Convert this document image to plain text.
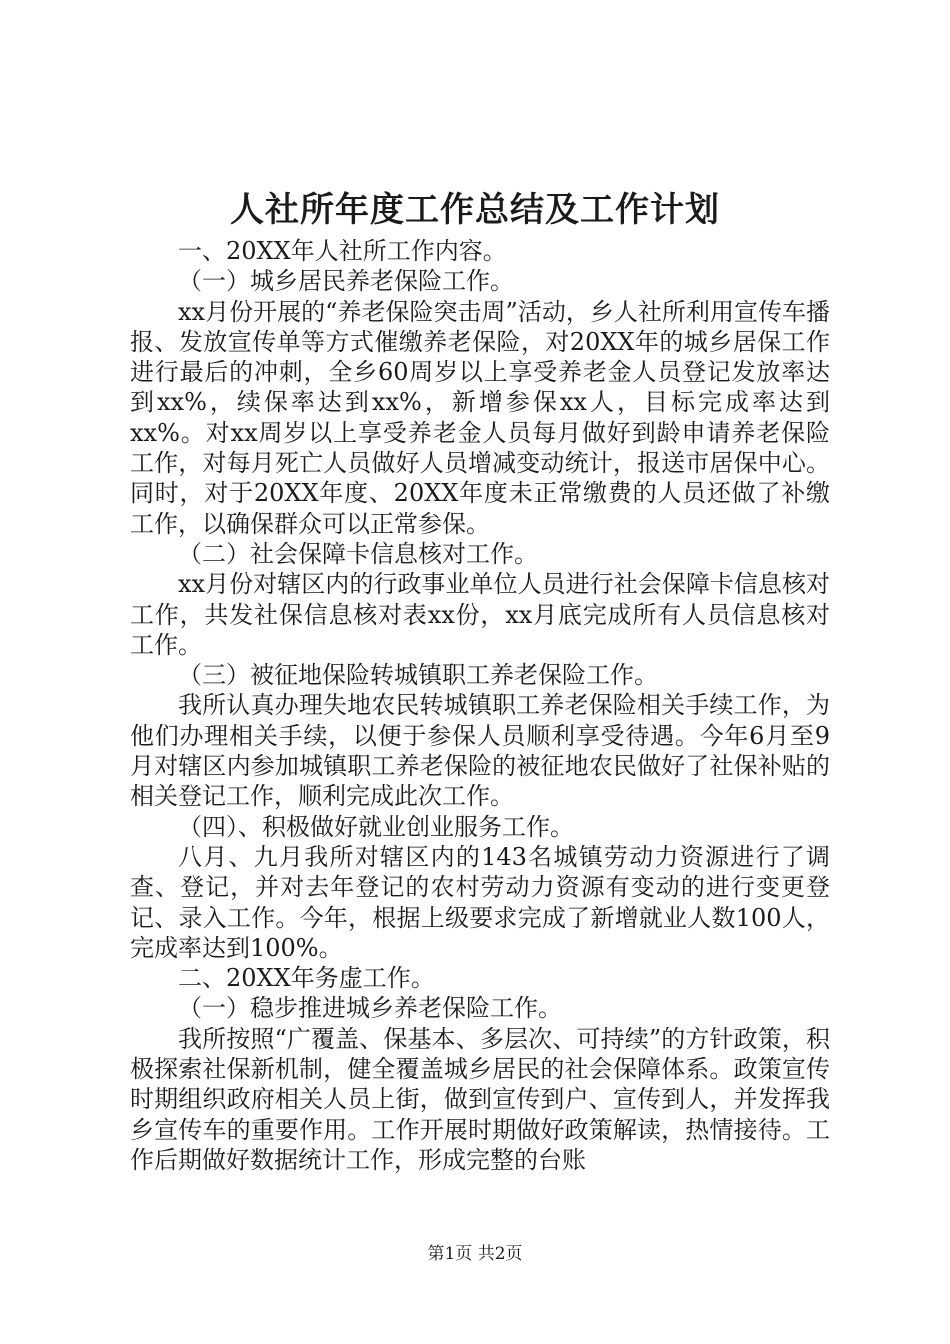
人社所年度工作总结及工作计划

一、20XX年人社所工作内容。

（一）城乡居民养老保险工作。

xx月份开展的“养老保险突击周”活动，乡人社所利用宣传车播报、发放宣传单等方式催缴养老保险，对20XX年的城乡居保工作进行最后的冲刺，全乡60周岁以上享受养老金人员登记发放率达到xx%，续保率达到xx%，新增参保xx人，目标完成率达到xx%。对xx周岁以上享受养老金人员每月做好到龄申请养老保险工作，对每月死亡人员做好人员增减变动统计，报送市居保中心。同时，对于20XX年度、20XX年度未正常缴费的人员还做了补缴工作，以确保群众可以正常参保。

（二）社会保障卡信息核对工作。

xx月份对辖区内的行政事业单位人员进行社会保障卡信息核对工作，共发社保信息核对表xx份，xx月底完成所有人员信息核对工作。

（三）被征地保险转城镇职工养老保险工作。

我所认真办理失地农民转城镇职工养老保险相关手续工作，为他们办理相关手续，以便于参保人员顺利享受待遇。今年6月至9月对辖区内参加城镇职工养老保险的被征地农民做好了社保补贴的相关登记工作，顺利完成此次工作。

（四）、积极做好就业创业服务工作。

八月、九月我所对辖区内的143名城镇劳动力资源进行了调查、登记，并对去年登记的农村劳动力资源有变动的进行变更登记、录入工作。今年，根据上级要求完成了新增就业人数100人，完成率达到100%。

二、20XX年务虚工作。

（一）稳步推进城乡养老保险工作。

我所按照“广覆盖、保基本、多层次、可持续”的方针政策，积极探索社保新机制，健全覆盖城乡居民的社会保障体系。政策宣传时期组织政府相关人员上街，做到宣传到户、宣传到人，并发挥我乡宣传车的重要作用。工作开展时期做好政策解读，热情接待。工作后期做好数据统计工作，形成完整的台账

第1页 共2页
